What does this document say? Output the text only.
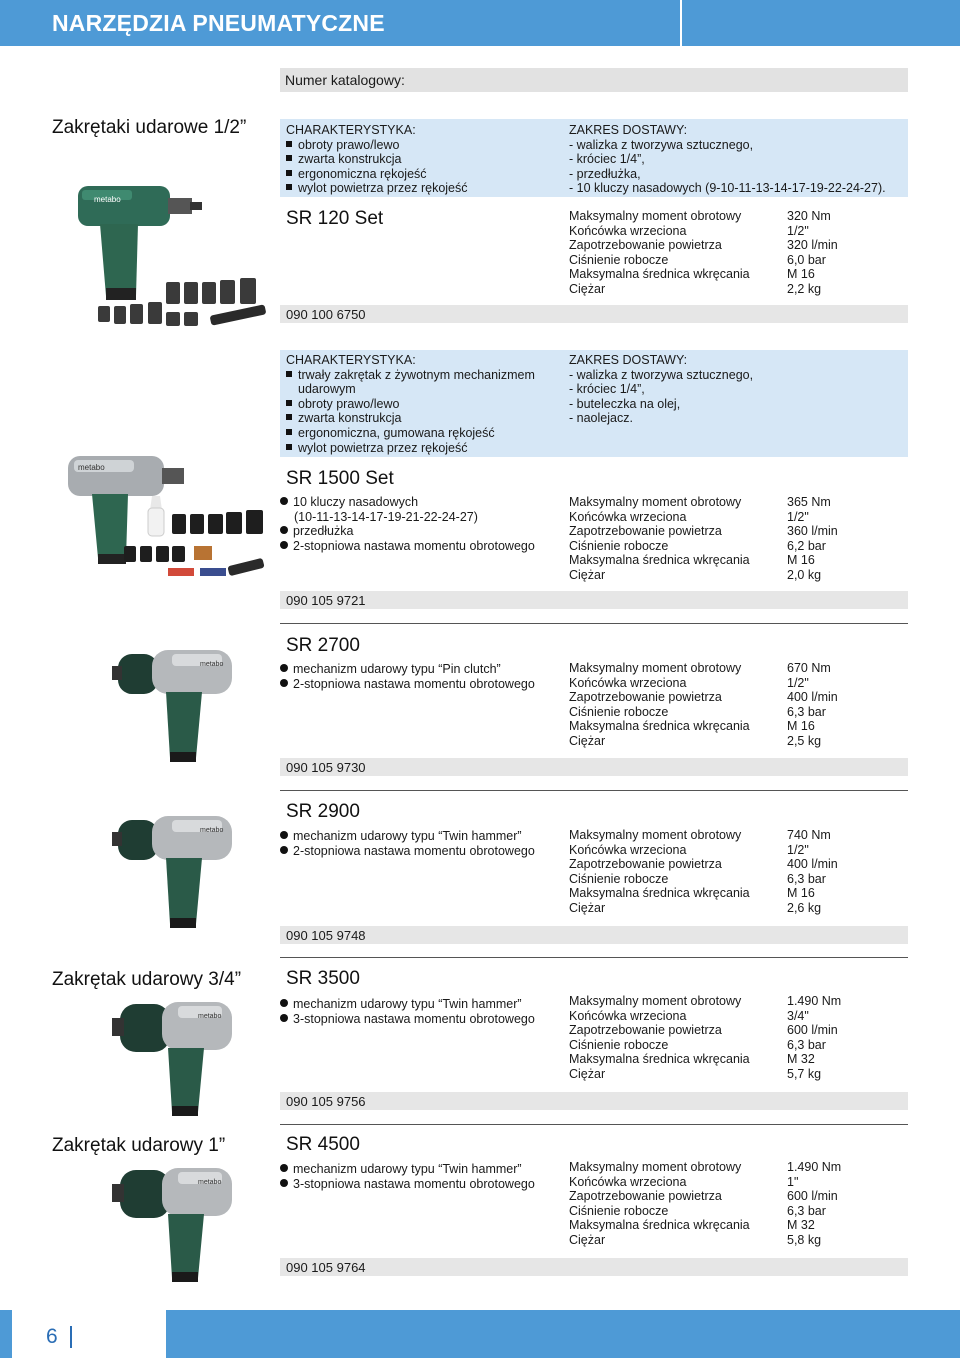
NARZĘDZIA PNEUMATYCZNE
Numer katalogowy:
Zakrętaki udarowe 1/2”	CHARAKTERYSTYKA:
obroty prawo/lewo
zwarta konstrukcja
ergonomiczna rękojeść
wylot powietrza przez rękojeść
ZAKRES DOSTAWY:
- walizka z tworzywa sztucznego,
- króciec 1/4”,
- przedłużka,
- 10 kluczy nasadowych (9-10-11-13-14-17-19-22-24-27).
SR 120 Set	Maksymalny moment obrotowy	320 Nm
Końcówka wrzeciona	1/2"
Zapotrzebowanie powietrza	320 l/min
Ciśnienie robocze	6,0 bar
Maksymalna średnica wkręcania	M 16
Ciężar	2,2 kg
090 100 6750
metabo
CHARAKTERYSTYKA:
trwały zakrętak z żywotnym mechanizmem
udarowym
obroty prawo/lewo
zwarta konstrukcja
ergonomiczna, gumowana rękojeść
wylot powietrza przez rękojeść
ZAKRES DOSTAWY:
- walizka z tworzywa sztucznego,
- króciec 1/4”,
- buteleczka na olej,
- naolejacz.
SR 1500 Set
10 kluczy nasadowych
(10-11-13-14-17-19-21-22-24-27)
przedłużka
2-stopniowa nastawa momentu obrotowego
Maksymalny moment obrotowy	365 Nm
Końcówka wrzeciona	1/2"
Zapotrzebowanie powietrza	360 l/min
Ciśnienie robocze	6,2 bar
Maksymalna średnica wkręcania	M 16
Ciężar	2,0 kg
090 105 9721
metabo
SR 2700
mechanizm udarowy typu “Pin clutch”
2-stopniowa nastawa momentu obrotowego
Maksymalny moment obrotowy	670 Nm
Końcówka wrzeciona	1/2"
Zapotrzebowanie powietrza	400 l/min
Ciśnienie robocze	6,3 bar
Maksymalna średnica wkręcania	M 16
Ciężar	2,5 kg
090 105 9730
metabo
SR 2900
mechanizm udarowy typu “Twin hammer”
2-stopniowa nastawa momentu obrotowego
Maksymalny moment obrotowy	740 Nm
Końcówka wrzeciona	1/2"
Zapotrzebowanie powietrza	400 l/min
Ciśnienie robocze	6,3 bar
Maksymalna średnica wkręcania	M 16
Ciężar	2,6 kg
090 105 9748
metabo
Zakrętak udarowy 3/4” SR 3500
mechanizm udarowy typu “Twin hammer”
3-stopniowa nastawa momentu obrotowego
Maksymalny moment obrotowy	1.490 Nm
Końcówka wrzeciona	3/4"
Zapotrzebowanie powietrza	600 l/min
Ciśnienie robocze	6,3 bar
Maksymalna średnica wkręcania	M 32
Ciężar	5,7 kg
090 105 9756
metabo
Zakrętak udarowy 1”	SR 4500
mechanizm udarowy typu “Twin hammer”
3-stopniowa nastawa momentu obrotowego
Maksymalny moment obrotowy	1.490 Nm
Końcówka wrzeciona	1"
Zapotrzebowanie powietrza	600 l/min
Ciśnienie robocze	6,3 bar
Maksymalna średnica wkręcania	M 32
Ciężar	5,8 kg
090 105 9764
metabo
6
